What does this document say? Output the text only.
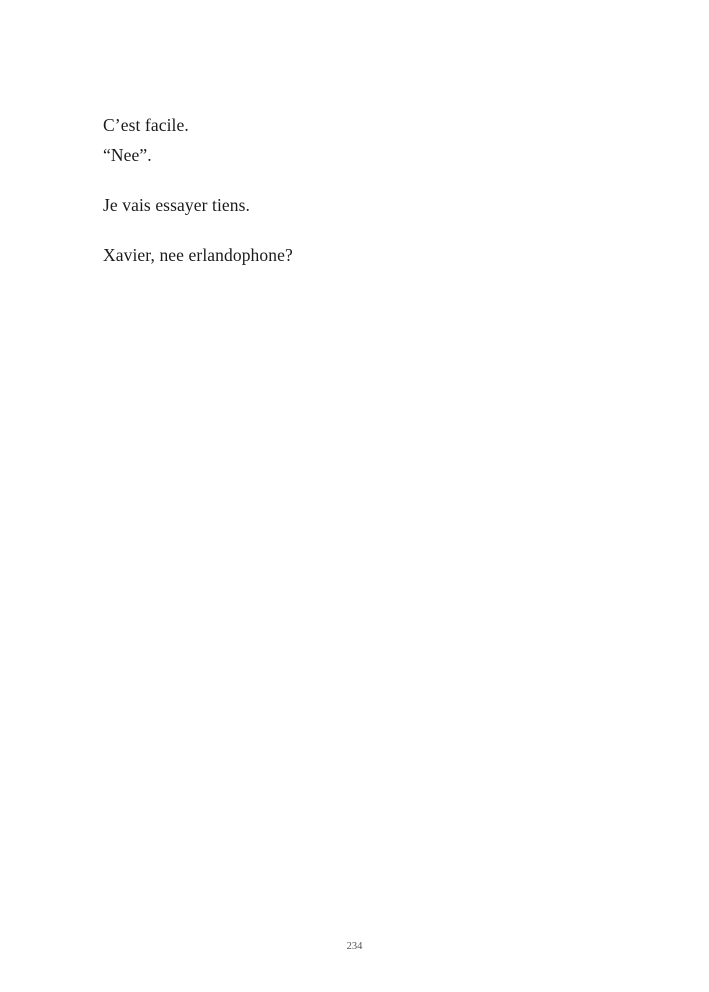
C’est facile.

“Nee”.

Je vais essayer tiens.

Xavier, nee erlandophone?

234
